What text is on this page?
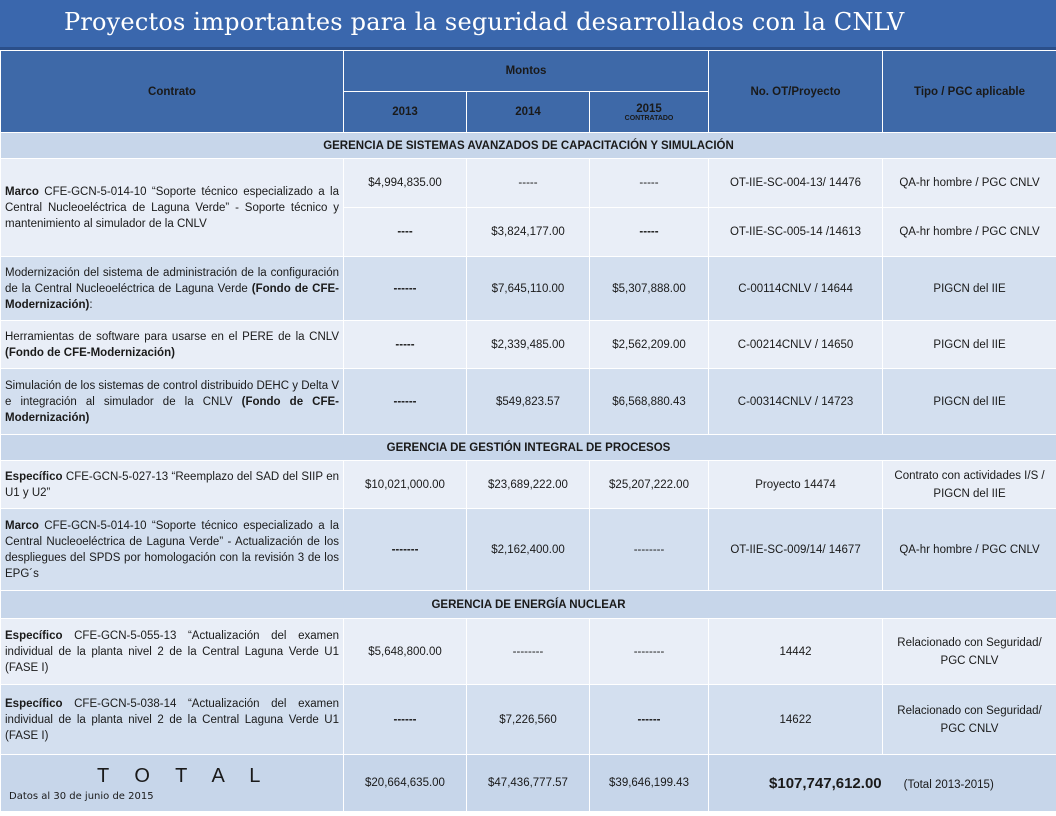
Proyectos importantes para la seguridad desarrollados con la CNLV
Contrato	Montos			No. OT/Proyecto	Tipo / PGC aplicable
	2013	2014	2015
CONTRATADO		

GERENCIA DE SISTEMAS AVANZADOS DE CAPACITACIÓN Y SIMULACIÓN					
Marco CFE-GCN-5-014-10 “Soporte técnico especializado a la Central Nucleoeléctrica de Laguna Verde” - Soporte técnico y mantenimiento al simulador de la CNLV	$4,994,835.00	-----	-----	OT-IIE-SC-004-13/ 14476	QA-hr hombre / PGC CNLV
	----	$3,824,177.00	-----	OT-IIE-SC-005-14 /14613	QA-hr hombre / PGC CNLV
Modernización del sistema de administración de la configuración de la Central Nucleoeléctrica de Laguna Verde (Fondo de CFE-Modernización):	------	$7,645,110.00	$5,307,888.00	C-00114CNLV / 14644	PIGCN del IIE
Herramientas de software para usarse en el PERE de la CNLV (Fondo de CFE-Modernización)	-----	$2,339,485.00	$2,562,209.00	C-00214CNLV / 14650	PIGCN del IIE
Simulación de los sistemas de control distribuido DEHC y Delta V e integración al simulador de la CNLV (Fondo de CFE-Modernización)	------	$549,823.57	$6,568,880.43	C-00314CNLV / 14723	PIGCN del IIE
GERENCIA DE GESTIÓN INTEGRAL DE PROCESOS					
Específico CFE-GCN-5-027-13 “Reemplazo del SAD del SIIP en U1 y U2”	$10,021,000.00	$23,689,222.00	$25,207,222.00	Proyecto 14474	Contrato con actividades I/S / PIGCN del IIE
Marco CFE-GCN-5-014-10 “Soporte técnico especializado a la Central Nucleoeléctrica de Laguna Verde” - Actualización de los despliegues del SPDS por homologación con la revisión 3 de los EPG´s	-------	$2,162,400.00	--------	OT-IIE-SC-009/14/ 14677	QA-hr hombre / PGC CNLV
GERENCIA DE ENERGÍA NUCLEAR					
Específico CFE-GCN-5-055-13 “Actualización del examen individual de la planta nivel 2 de la Central Laguna Verde U1 (FASE I)	$5,648,800.00	--------	--------	14442	Relacionado con Seguridad/ PGC CNLV
Específico CFE-GCN-5-038-14 “Actualización del examen individual de la planta nivel 2 de la Central Laguna Verde U1 (FASE I)	------	$7,226,560	------	14622	Relacionado con Seguridad/ PGC CNLV

T O T A L
Datos al 30 de junio de 2015	$20,664,635.00	$47,436,777.57	$39,646,199.43	$107,747,612.00 (Total 2013-2015)	
